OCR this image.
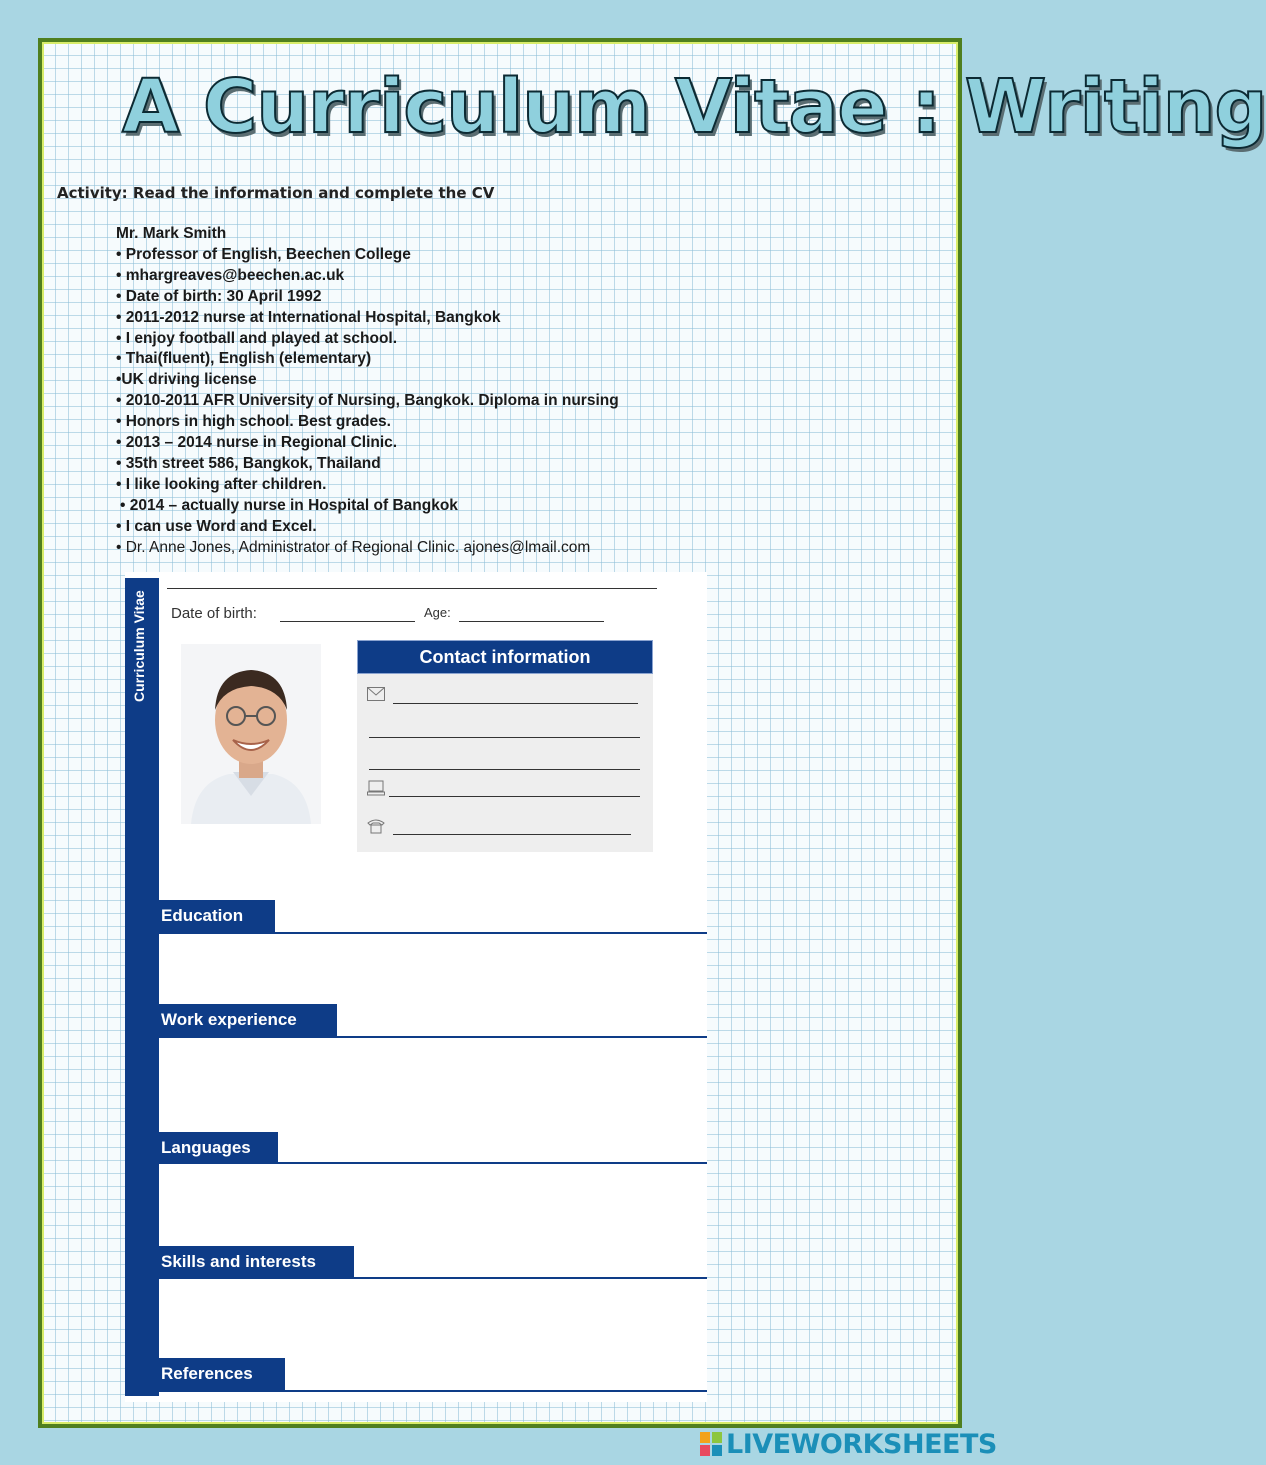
A Curriculum Vitae : Writing
Activity: Read the information and complete the CV
Mr. Mark Smith
• Professor of English, Beechen College
• mhargreaves@beechen.ac.uk
• Date of birth: 30 April 1992
• 2011-2012 nurse at International Hospital, Bangkok
• I enjoy football and played at school.
• Thai(fluent), English (elementary)
•UK driving license
• 2010-2011 AFR University of Nursing, Bangkok. Diploma in nursing
• Honors in high school. Best grades.
• 2013 – 2014 nurse in Regional Clinic.
• 35th street 586, Bangkok, Thailand
• I like looking after children.
• 2014 – actually nurse in Hospital of Bangkok
• I can use Word and Excel.
• Dr. Anne Jones, Administrator of Regional Clinic. ajones@lmail.com
Curriculum Vitae Date of birth:	Age:
Contact information
Education
Work experience
Languages
Skills and interests
References
LIVEWORKSHEETS
